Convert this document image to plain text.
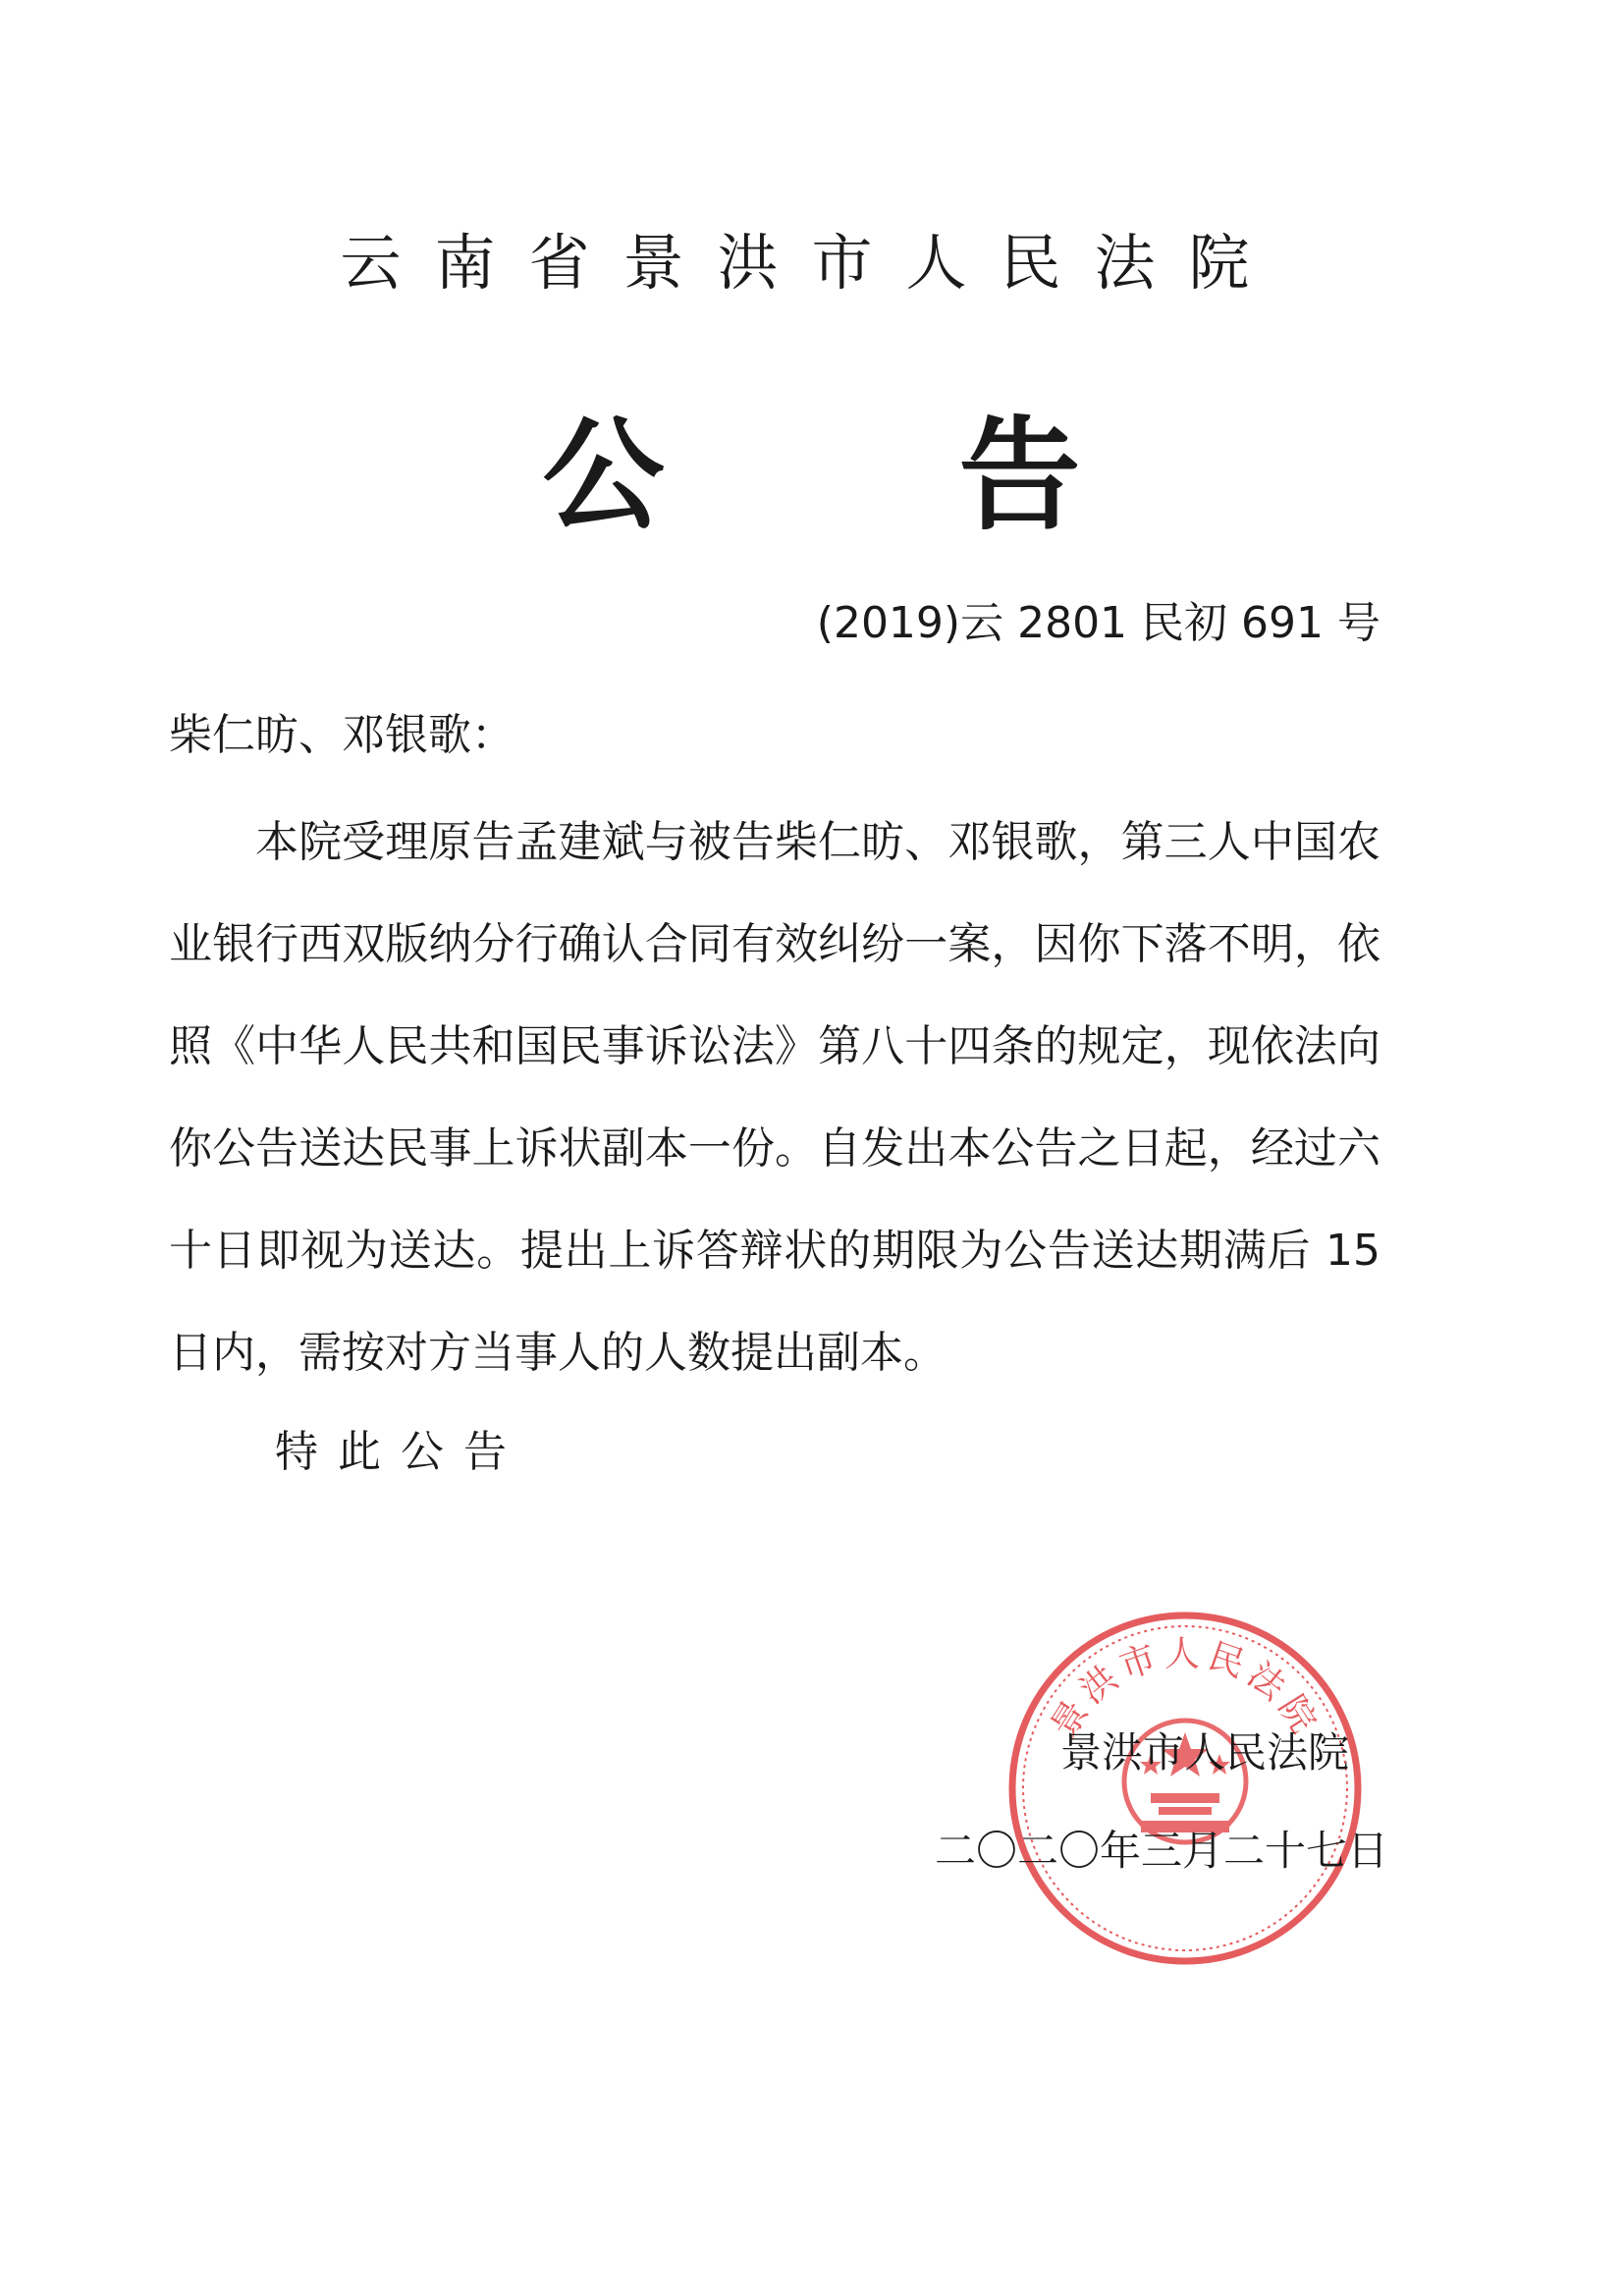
云南省景洪市人民法院
公 告
(2019)云 2801 民初 691 号
柴仁昉、邓银歌：

本院受理原告孟建斌与被告柴仁昉、邓银歌，第三人中国农业银行西双版纳分行确认合同有效纠纷一案，因你下落不明，依照《中华人民共和国民事诉讼法》第八十四条的规定，现依法向你公告送达民事上诉状副本一份。自发出本公告之日起，经过六十日即视为送达。提出上诉答辩状的期限为公告送达期满后 15 日内，需按对方当事人的人数提出副本。

特此公告
景洪市人民法院
景洪市人民法院
二〇二〇年三月二十七日
